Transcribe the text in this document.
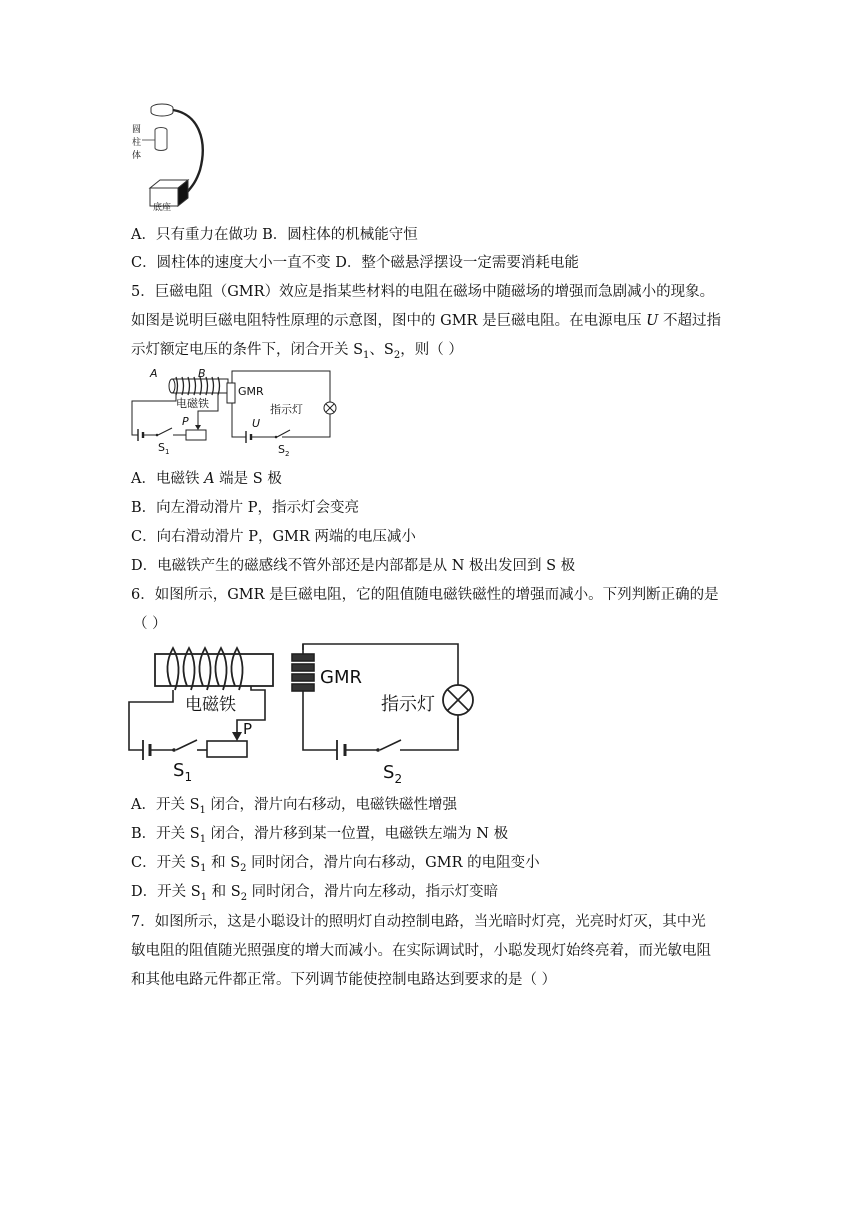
圆
柱
体
底座
A．只有重力在做功 B．圆柱体的机械能守恒
C．圆柱体的速度大小一直不变 D．整个磁悬浮摆设一定需要消耗电能
5．巨磁电阻（GMR）效应是指某些材料的电阻在磁场中随磁场的增强而急剧减小的现象。
如图是说明巨磁电阻特性原理的示意图，图中的 GMR 是巨磁电阻。在电源电压 U 不超过指
示灯额定电压的条件下，闭合开关 $S_1$、$S_2$，则（ ）
A	B
电磁铁
P
$S_1$
GMR
指示灯
U
$S_2$
A．电磁铁 A 端是 S 极
B．向左滑动滑片 P，指示灯会变亮
C．向右滑动滑片 P，GMR 两端的电压减小
D．电磁铁产生的磁感线不管外部还是内部都是从 N 极出发回到 S 极
6．如图所示，GMR 是巨磁电阻，它的阻值随电磁铁磁性的增强而减小。下列判断正确的是
（ ）
电磁铁
P
$S_1$
GMR
指示灯
$S_2$
A．开关 $S_1$ 闭合，滑片向右移动，电磁铁磁性增强
B．开关 $S_1$ 闭合，滑片移到某一位置，电磁铁左端为 N 极
C．开关 $S_1$ 和 $S_2$ 同时闭合，滑片向右移动，GMR 的电阻变小
D．开关 $S_1$ 和 $S_2$ 同时闭合，滑片向左移动，指示灯变暗
7．如图所示，这是小聪设计的照明灯自动控制电路，当光暗时灯亮，光亮时灯灭，其中光
敏电阻的阻值随光照强度的增大而减小。在实际调试时，小聪发现灯始终亮着，而光敏电阻
和其他电路元件都正常。下列调节能使控制电路达到要求的是（ ）
